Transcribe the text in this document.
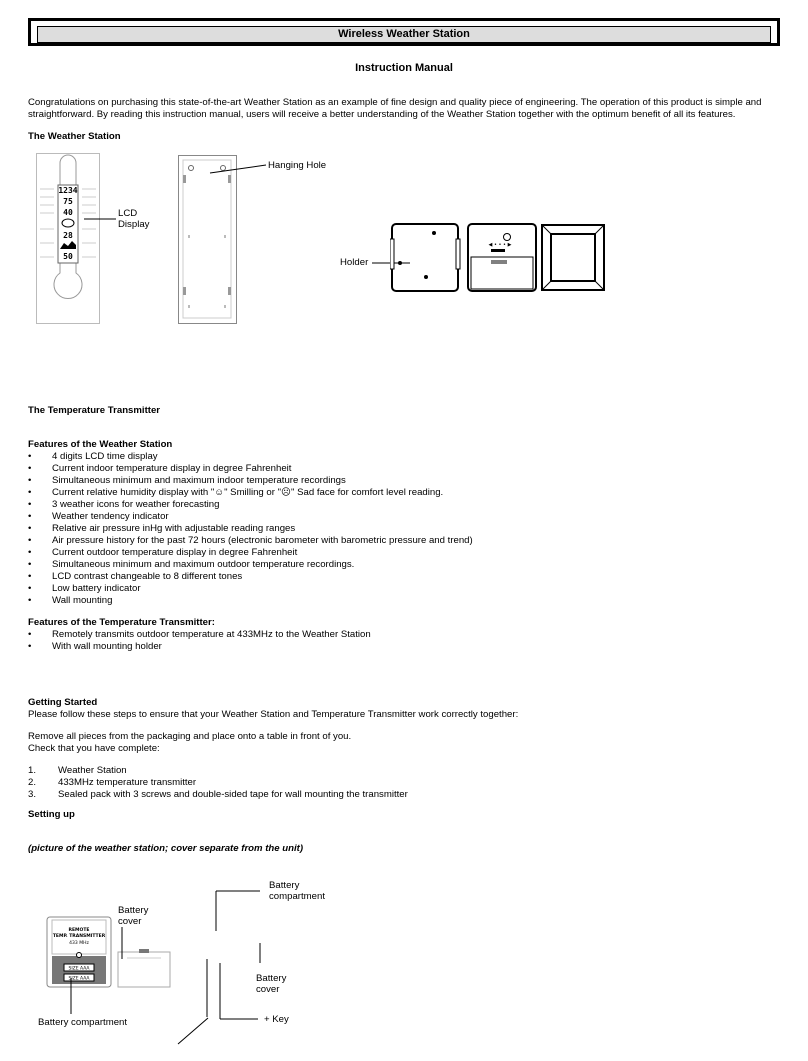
Wireless Weather Station
Instruction Manual
Congratulations on purchasing this state-of-the-art Weather Station as an example of fine design and quality piece of engineering. The operation of this product is simple and straightforward. By reading this instruction manual, users will receive a better understanding of the Weather Station together with the optimum benefit of all its features.
The Weather Station
1234
75
40
28
50
LCD Display
Hanging Hole
Holder
◀ • • • ▶
The Temperature Transmitter
Features of the Weather Station
• 4 digits LCD time display
• Current indoor temperature display in degree Fahrenheit
• Simultaneous minimum and maximum indoor temperature recordings
• Current relative humidity display with "☺" Smilling or "☹" Sad face for comfort level reading.
• 3 weather icons for weather forecasting
• Weather tendency indicator
• Relative air pressure inHg with adjustable reading ranges
• Air pressure history for the past 72 hours (electronic barometer with barometric pressure and trend)
• Current outdoor temperature display in degree Fahrenheit
• Simultaneous minimum and maximum outdoor temperature recordings.
• LCD contrast changeable to 8 different tones
• Low battery indicator
• Wall mounting
Features of the Temperature Transmitter:
• Remotely transmits outdoor temperature at 433MHz to the Weather Station
• With wall mounting holder
Getting Started
Please follow these steps to ensure that your Weather Station and Temperature Transmitter work correctly together:
Remove all pieces from the packaging and place onto a table in front of you.
Check that you have complete:
1. Weather Station
2. 433MHz temperature transmitter
3. Sealed pack with 3 screws and double-sided tape for wall mounting the transmitter
Setting up
(picture of the weather station; cover separate from the unit)
REMOTE
TEMP. TRANSMITTER
433 MHz
SIZE AAA
SIZE AAA
Battery cover
Battery compartment
Battery compartment
Battery cover
+ Key
